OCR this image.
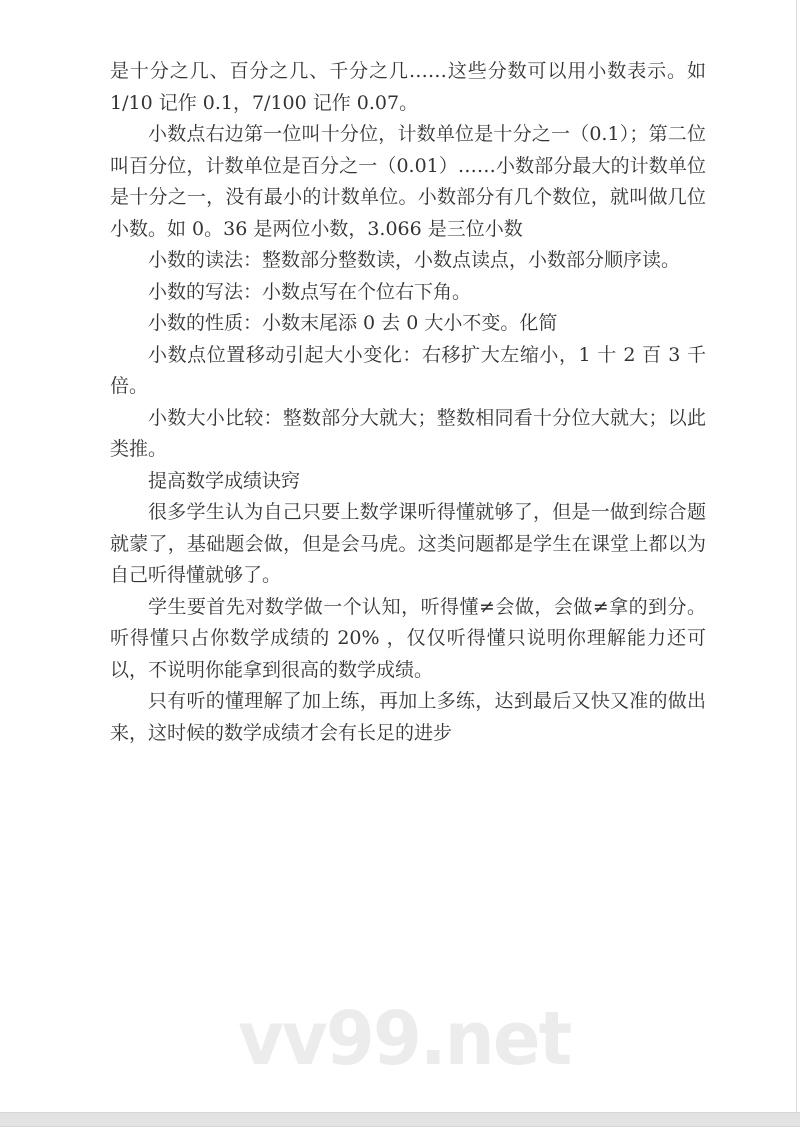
是十分之几、百分之几、千分之几……这些分数可以用小数表示。如1/10 记作 0.1，7/100 记作 0.07。

小数点右边第一位叫十分位，计数单位是十分之一（0.1）；第二位叫百分位，计数单位是百分之一（0.01）……小数部分最大的计数单位是十分之一，没有最小的计数单位。小数部分有几个数位，就叫做几位小数。如 0。36 是两位小数，3.066 是三位小数

小数的读法：整数部分整数读，小数点读点，小数部分顺序读。

小数的写法：小数点写在个位右下角。

小数的性质：小数末尾添 0 去 0 大小不变。化简

小数点位置移动引起大小变化：右移扩大左缩小，1 十 2 百 3 千倍。

小数大小比较：整数部分大就大；整数相同看十分位大就大；以此类推。

提高数学成绩诀窍

很多学生认为自己只要上数学课听得懂就够了，但是一做到综合题就蒙了，基础题会做，但是会马虎。这类问题都是学生在课堂上都以为自己听得懂就够了。

学生要首先对数学做一个认知，听得懂≠会做，会做≠拿的到分。听得懂只占你数学成绩的 20% ，仅仅听得懂只说明你理解能力还可以，不说明你能拿到很高的数学成绩。

只有听的懂理解了加上练，再加上多练，达到最后又快又准的做出来，这时候的数学成绩才会有长足的进步

vv99.net
